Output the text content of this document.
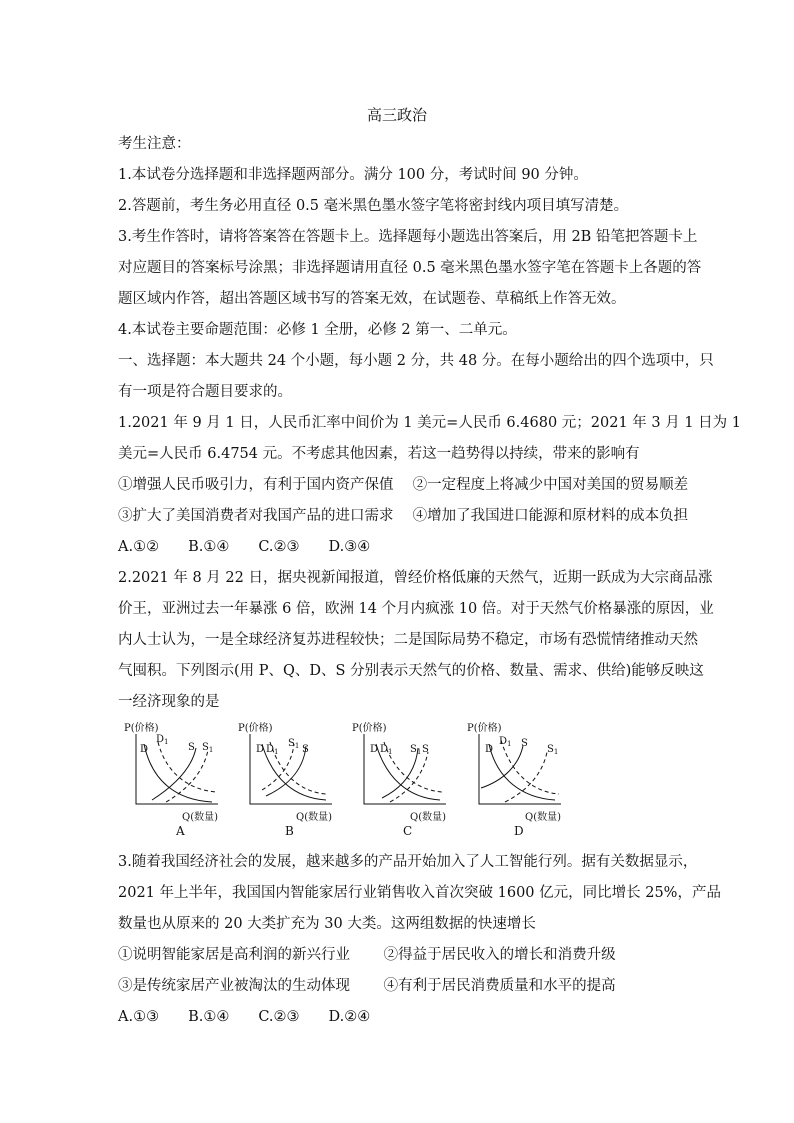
高三政治
考生注意：
1.本试卷分选择题和非选择题两部分。满分 100 分，考试时间 90 分钟。
2.答题前，考生务必用直径 0.5 毫米黑色墨水签字笔将密封线内项目填写清楚。
3.考生作答时，请将答案答在答题卡上。选择题每小题选出答案后，用 2B 铅笔把答题卡上
对应题目的答案标号涂黑；非选择题请用直径 0.5 毫米黑色墨水签字笔在答题卡上各题的答
题区域内作答，超出答题区域书写的答案无效，在试题卷、草稿纸上作答无效。
4.本试卷主要命题范围：必修 1 全册，必修 2 第一、二单元。
一、选择题：本大题共 24 个小题，每小题 2 分，共 48 分。在每小题给出的四个选项中，只
有一项是符合题目要求的。
1.2021 年 9 月 1 日，人民币汇率中间价为 1 美元=人民币 6.4680 元；2021 年 3 月 1 日为 1
美元=人民币 6.4754 元。不考虑其他因素，若这一趋势得以持续，带来的影响有
①增强人民币吸引力，有利于国内资产保值　 ②一定程度上将减少中国对美国的贸易顺差
③扩大了美国消费者对我国产品的进口需求　 ④增加了我国进口能源和原材料的成本负担
A.①②　　B.①④　　C.②③　　D.③④
2.2021 年 8 月 22 日，据央视新闻报道，曾经价格低廉的天然气，近期一跃成为大宗商品涨
价王，亚洲过去一年暴涨 6 倍，欧洲 14 个月内疯涨 10 倍。对于天然气价格暴涨的原因，业
内人士认为，一是全球经济复苏进程较快；二是国际局势不稳定，市场有恐慌情绪推动天然
气囤积。下列图示(用 P、Q、D、S 分别表示天然气的价格、数量、需求、供给)能够反映这
一经济现象的是
P(价格)
Q(数量)
D
$D_1$ S $S_1$
P(价格)
Q(数量)
D $D_1$
$S_1$ S
P(价格)
Q(数量)
D $D_1$ $S_1$ S
P(价格)
Q(数量)
D
$D_1$ S
$S_1$
A	B	C	D
3.随着我国经济社会的发展，越来越多的产品开始加入了人工智能行列。据有关数据显示，
2021 年上半年，我国国内智能家居行业销售收入首次突破 1600 亿元，同比增长 25%，产品
数量也从原来的 20 大类扩充为 30 大类。这两组数据的快速增长
①说明智能家居是高利润的新兴行业　　 ②得益于居民收入的增长和消费升级
③是传统家居产业被淘汰的生动体现　　 ④有利于居民消费质量和水平的提高
A.①③　　B.①④　　C.②③　　D.②④
